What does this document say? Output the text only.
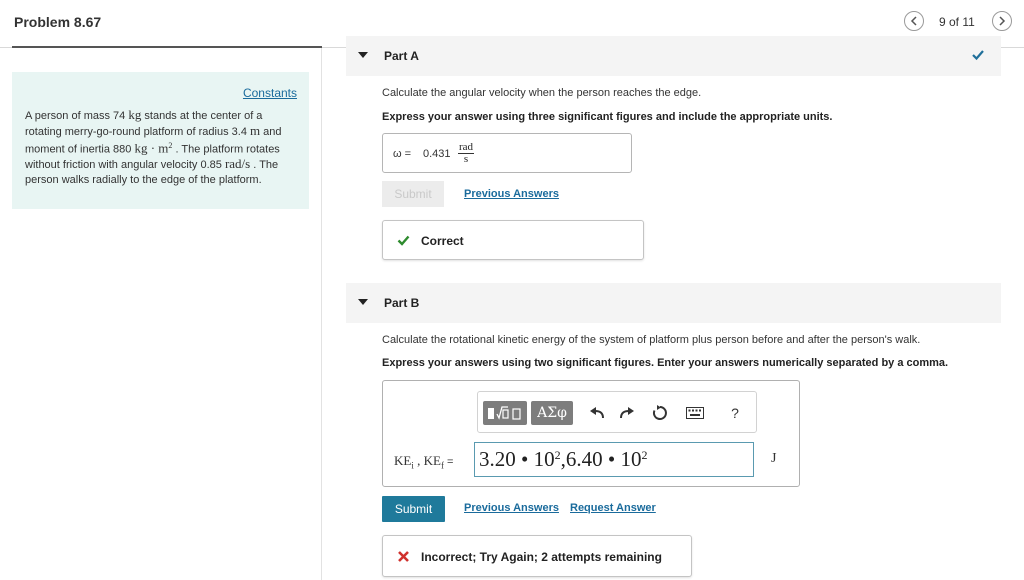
Problem 8.67	9 of 11
Constants
A person of mass 74 kg stands at the center of a rotating merry-go-round platform of radius 3.4 m and moment of inertia 880 kg · $m^2$ . The platform rotates without friction with angular velocity 0.85 rad/s . The person walks radially to the edge of the platform.
Part A
Calculate the angular velocity when the person reaches the edge.
Express your answer using three significant figures and include the appropriate units.
ω = 0.431
rad
s
Submit	Previous Answers
Correct
Part B
Calculate the rotational kinetic energy of the system of platform plus person before and after the person's walk.
Express your answers using two significant figures. Enter your answers numerically separated by a comma.
ΑΣφ	?
$KE_i$ , $KE_f = 3.20$ • $10^2$ ,6.40 • $10^2$	J
Submit	Previous Answers Request Answer
Incorrect; Try Again; 2 attempts remaining
